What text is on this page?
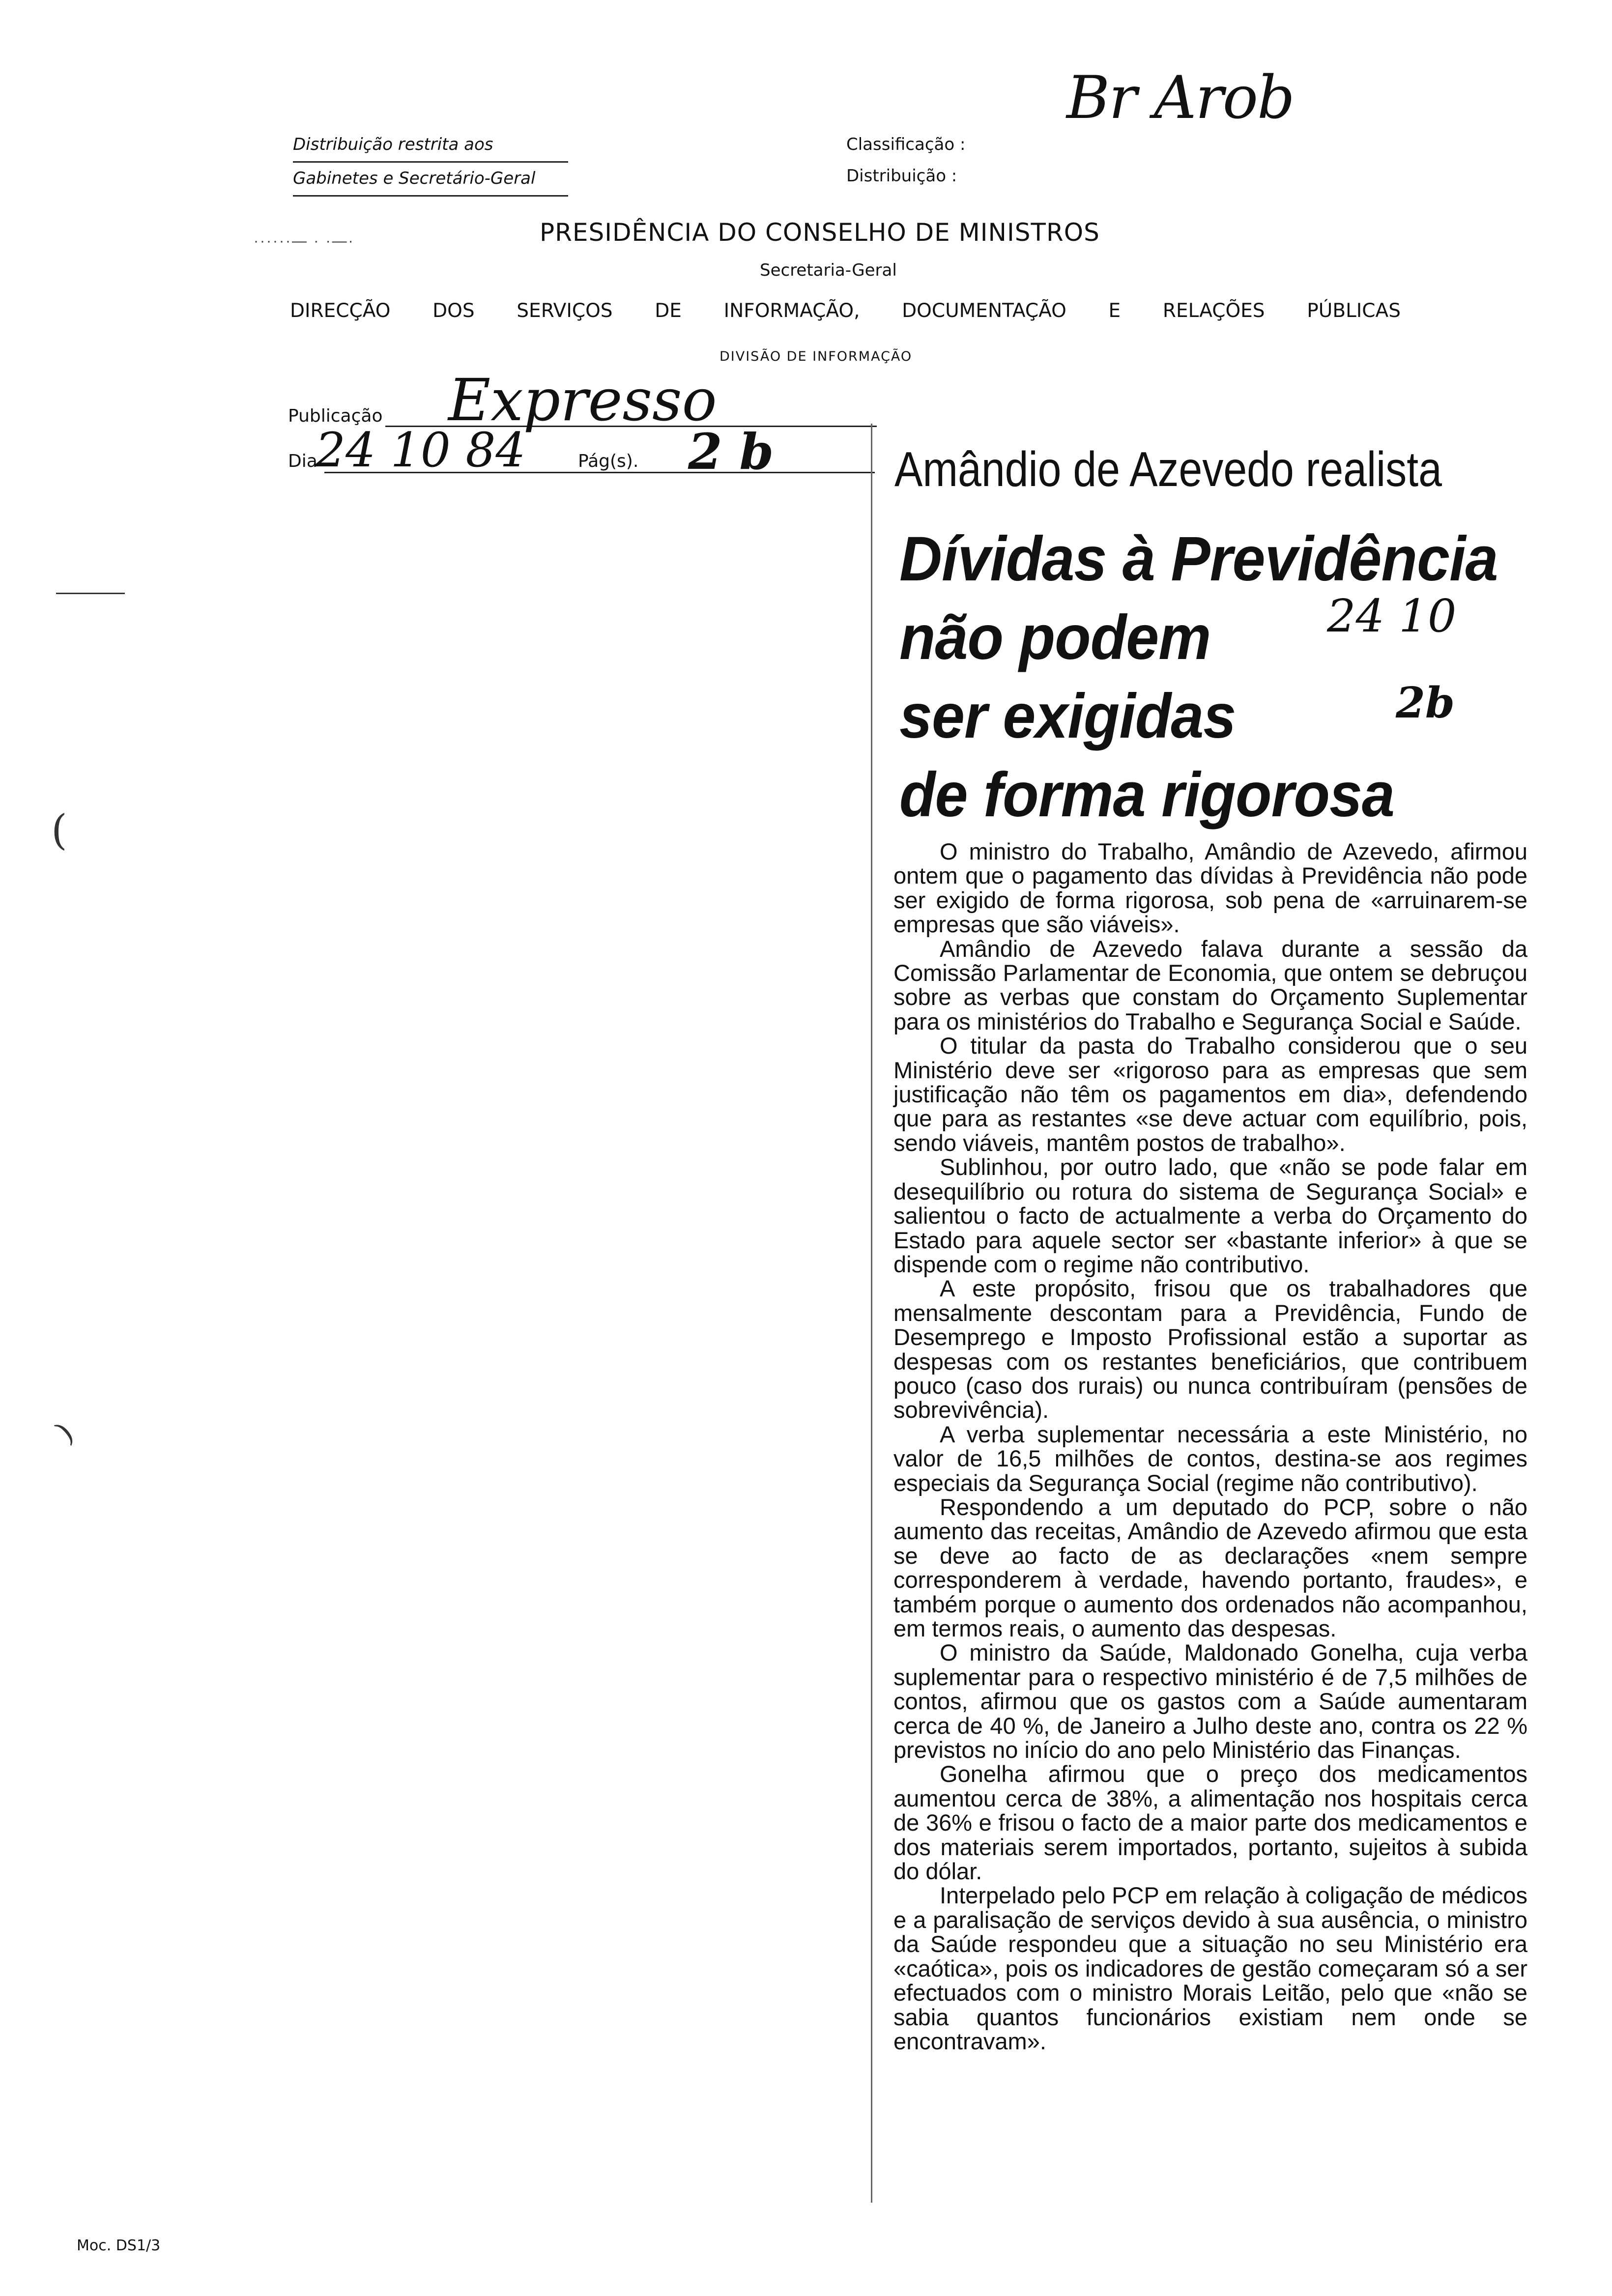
Distribuição restrita aos
Gabinetes e Secretário-Geral
Classificação :
Distribuição :
Br Arob
······— · ·—·	PRESIDÊNCIA DO CONSELHO DE MINISTROS
Secretaria-Geral
DIRECÇÃO DOS SERVIÇOS DE INFORMAÇÃO, DOCUMENTAÇÃO E RELAÇÕES PÚBLICAS
DIVISÃO DE INFORMAÇÃO
Publicação Expresso
Dia
24 10 84	Pág(s). 2 b Amândio de Azevedo realista
Dívidas à Previdência
não podem
ser exigidas
de forma rigorosa
24 10
2b

O ministro do Trabalho, Amândio de Azevedo, afirmou ontem que o pagamento das dívidas à Previdência não pode ser exigido de forma rigorosa, sob pena de «arruinarem-se empresas que são viáveis».

Amândio de Azevedo falava durante a sessão da Comissão Parlamentar de Economia, que ontem se debruçou sobre as verbas que constam do Orçamento Suplementar para os ministérios do Trabalho e Segurança Social e Saúde.

O titular da pasta do Trabalho considerou que o seu Ministério deve ser «rigoroso para as empresas que sem justificação não têm os pagamentos em dia», defendendo que para as restantes «se deve actuar com equilíbrio, pois, sendo viáveis, mantêm postos de trabalho».

Sublinhou, por outro lado, que «não se pode falar em desequilíbrio ou rotura do sistema de Segurança Social» e salientou o facto de actualmente a verba do Orçamento do Estado para aquele sector ser «bastante inferior» à que se dispende com o regime não contributivo.

A este propósito, frisou que os trabalhadores que mensalmente descontam para a Previdência, Fundo de Desemprego e Imposto Profissional estão a suportar as despesas com os restantes beneficiários, que contribuem pouco (caso dos rurais) ou nunca contribuíram (pensões de sobrevivência).

A verba suplementar necessária a este Ministério, no valor de 16,5 milhões de contos, destina-se aos regimes especiais da Segurança Social (regime não contributivo).

Respondendo a um deputado do PCP, sobre o não aumento das receitas, Amândio de Azevedo afirmou que esta se deve ao facto de as declarações «nem sempre corresponderem à verdade, havendo portanto, fraudes», e também porque o aumento dos ordenados não acompanhou, em termos reais, o aumento das despesas.

O ministro da Saúde, Maldonado Gonelha, cuja verba suplementar para o respectivo ministério é de 7,5 milhões de contos, afirmou que os gastos com a Saúde aumentaram cerca de 40 %, de Janeiro a Julho deste ano, contra os 22 % previstos no início do ano pelo Ministério das Finanças.

Gonelha afirmou que o preço dos medicamentos aumentou cerca de 38%, a alimentação nos hospitais cerca de 36% e frisou o facto de a maior parte dos medicamentos e dos materiais serem importados, portanto, sujeitos à subida do dólar.

Interpelado pelo PCP em relação à coligação de médicos e a paralisação de serviços devido à sua ausência, o ministro da Saúde respondeu que a situação no seu Ministério era «caótica», pois os indicadores de gestão começaram só a ser efectuados com o ministro Morais Leitão, pelo que «não se sabia quantos funcionários existiam nem onde se encontravam».

(
)
Moc. DS1/3
